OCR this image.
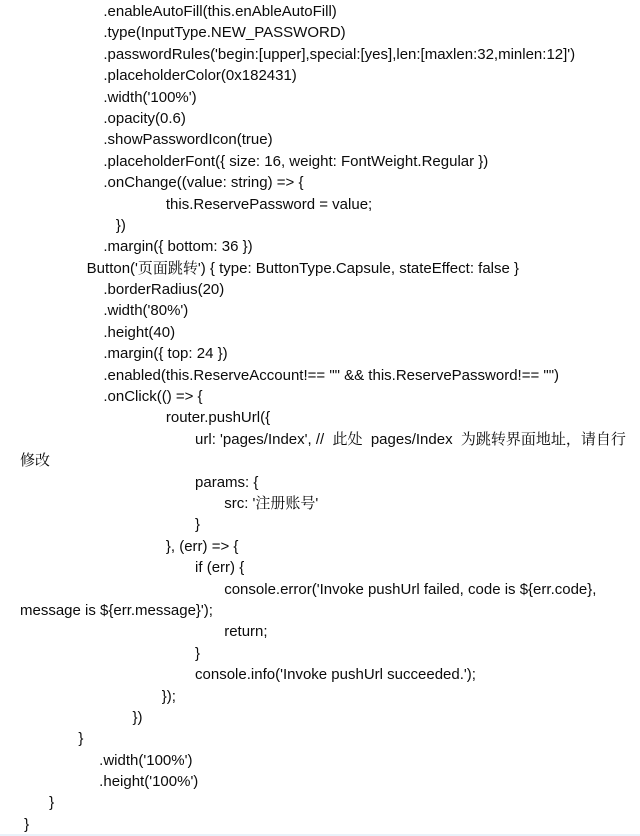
.enableAutoFill(this.enAbleAutoFill)
.type(InputType.NEW_PASSWORD)
.passwordRules('begin:[upper],special:[yes],len:[maxlen:32,minlen:12]')
.placeholderColor(0x182431)
.width('100%')
.opacity(0.6)
.showPasswordIcon(true)
.placeholderFont({ size: 16, weight: FontWeight.Regular })
.onChange((value: string) => {
this.ReservePassword = value;
})
.margin({ bottom: 36 })
Button('页面跳转') { type: ButtonType.Capsule, stateEffect: false }
.borderRadius(20)
.width('80%')
.height(40)
.margin({ top: 24 })
.enabled(this.ReserveAccount!== "" && this.ReservePassword!== "")
.onClick(() => {
router.pushUrl({
url: 'pages/Index', //  此处  pages/Index  为跳转界面地址，请自行
修改
params: {
src: '注册账号'
}
}, (err) => {
if (err) {
console.error('Invoke pushUrl failed, code is ${err.code},
message is ${err.message}');
return;
}
console.info('Invoke pushUrl succeeded.');
});
})
}
.width('100%')
.height('100%')
}
}
